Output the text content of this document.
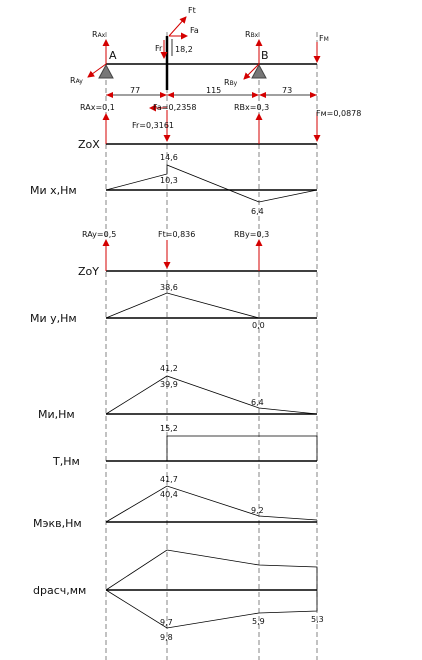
A	B
RAx
RAy
RBx
RBy
Ft
Fa
Fr
FM
18,2
77	115	73
RAx=0,1	Fa=0,2358	RBx=0,3
Fr=0,3161
Fм=0,0878
ZoX
14,6
10,3
6,4
Ми x,Нм
RAy=0,5	Ft=0,836	RBy=0,3
ZoY
38,6
0,0
Ми y,Нм
41,2
39,9
6,4
Ми,Нм
15,2
Т,Нм
41,7
40,4
9,2
Мэкв,Нм
9,7
9,8
5,9	5,3
dрасч,мм
